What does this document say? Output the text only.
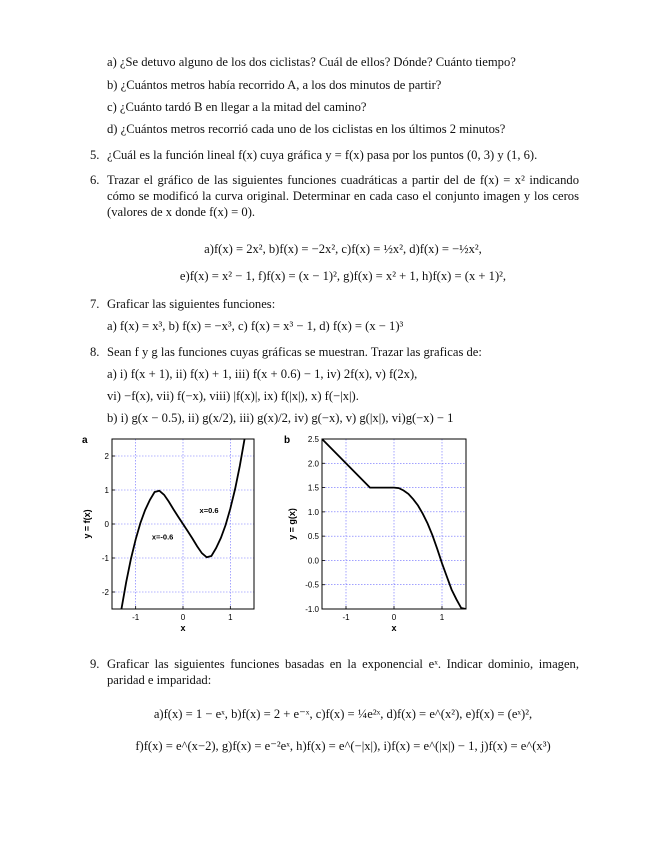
a) ¿Se detuvo alguno de los dos ciclistas? Cuál de ellos? Dónde? Cuánto tiempo?
b) ¿Cuántos metros había recorrido A, a los dos minutos de partir?
c) ¿Cuánto tardó B en llegar a la mitad del camino?
d) ¿Cuántos metros recorrió cada uno de los ciclistas en los últimos 2 minutos?
5. ¿Cuál es la función lineal f(x) cuya gráfica y = f(x) pasa por los puntos (0, 3) y (1, 6).
6. Trazar el gráfico de las siguientes funciones cuadráticas a partir del de f(x) = x² indicando cómo se modificó la curva original. Determinar en cada caso el conjunto imagen y los ceros (valores de x donde f(x) = 0).
a)f(x) = 2x², b)f(x) = −2x², c)f(x) = ½x², d)f(x) = −½x²,
e)f(x) = x² − 1, f)f(x) = (x − 1)², g)f(x) = x² + 1, h)f(x) = (x + 1)²,
7. Graficar las siguientes funciones:
a) f(x) = x³, b) f(x) = −x³, c) f(x) = x³ − 1, d) f(x) = (x − 1)³
8. Sean f y g las funciones cuyas gráficas se muestran. Trazar las graficas de:
a) i) f(x + 1), ii) f(x) + 1, iii) f(x + 0.6) − 1, iv) 2f(x), v) f(2x),
vi) −f(x), vii) f(−x), viii) |f(x)|, ix) f(|x|), x) f(−|x|).
b) i) g(x − 0.5), ii) g(x/2), iii) g(x)/2, iv) g(−x), v) g(|x|), vi)g(−x) − 1
-1	0	1
-2
-1
0
1
2
a
x
y = f(x)	x=-0.6
x=0.6
-1	0	1
-1.0
-0.5
0.0
0.5
1.0
1.5
2.0
2.5
b
x
y = g(x)
9. Graficar las siguientes funciones basadas en la exponencial eˣ. Indicar dominio, imagen, paridad e imparidad:
a)f(x) = 1 − eˣ, b)f(x) = 2 + e⁻ˣ, c)f(x) = ¼e²ˣ, d)f(x) = e^(x²), e)f(x) = (eˣ)²,
f)f(x) = e^(x−2), g)f(x) = e⁻²eˣ, h)f(x) = e^(−|x|), i)f(x) = e^(|x|) − 1, j)f(x) = e^(x³)
